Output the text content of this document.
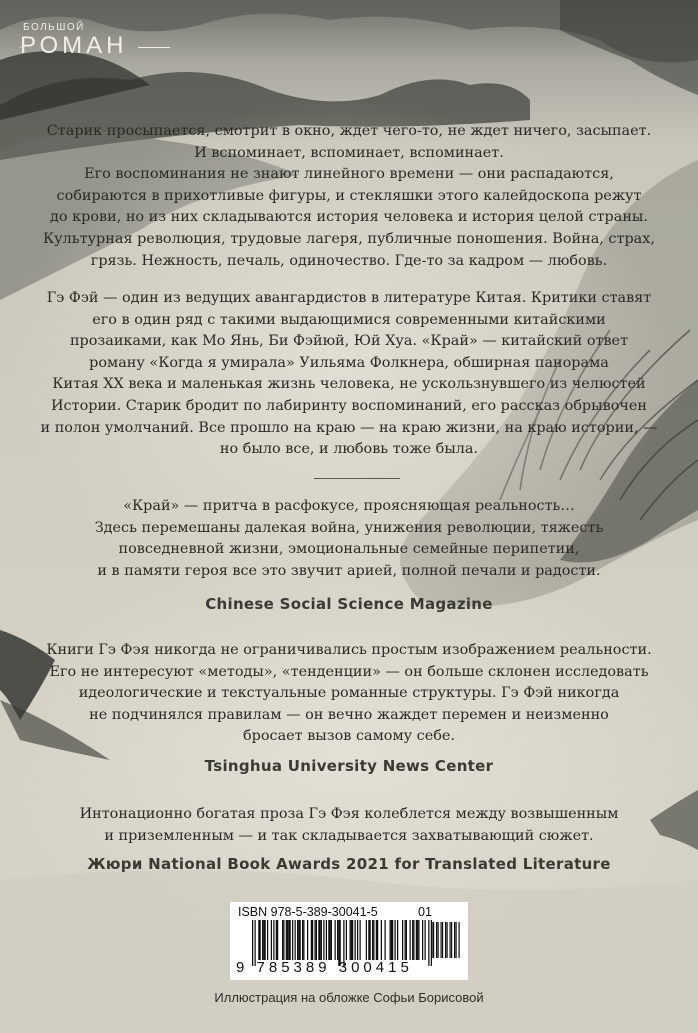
БОЛЬШОЙ
РОМАН

Старик просыпается, смотрит в окно, ждет чего-то, не ждет ничего, засыпает.
И вспоминает, вспоминает, вспоминает.
Его воспоминания не знают линейного времени — они распадаются,
собираются в прихотливые фигуры, и стекляшки этого калейдоскопа режут
до крови, но из них складываются история человека и история целой страны.
Культурная революция, трудовые лагеря, публичные поношения. Война, страх,
грязь. Нежность, печаль, одиночество. Где-то за кадром — любовь.

Гэ Фэй — один из ведущих авангардистов в литературе Китая. Критики ставят
его в один ряд с такими выдающимися современными китайскими
прозаиками, как Мо Янь, Би Фэйюй, Юй Хуа. «Край» — китайский ответ
роману «Когда я умирала» Уильяма Фолкнера, обширная панорама
Китая XX века и маленькая жизнь человека, не ускользнувшего из челюстей
Истории. Старик бродит по лабиринту воспоминаний, его рассказ обрывочен
и полон умолчаний. Все прошло на краю — на краю жизни, на краю истории, —
но было все, и любовь тоже была.

«Край» — притча в расфокусе, проясняющая реальность…
Здесь перемешаны далекая война, унижения революции, тяжесть
повседневной жизни, эмоциональные семейные перипетии,
и в памяти героя все это звучит арией, полной печали и радости.

Chinese Social Science Magazine

Книги Гэ Фэя никогда не ограничивались простым изображением реальности.
Его не интересуют «методы», «тенденции» — он больше склонен исследовать
идеологические и текстуальные романные структуры. Гэ Фэй никогда
не подчинялся правилам — он вечно жаждет перемен и неизменно
бросает вызов самому себе.

Tsinghua University News Center

Интонационно богатая проза Гэ Фэя колеблется между возвышенным
и приземленным — и так складывается захватывающий сюжет.

Жюри National Book Awards 2021 for Translated Literature
ISBN 978-5-389-30041-5	01
9 785389 300415
Иллюстрация на обложке Софьи Борисовой
